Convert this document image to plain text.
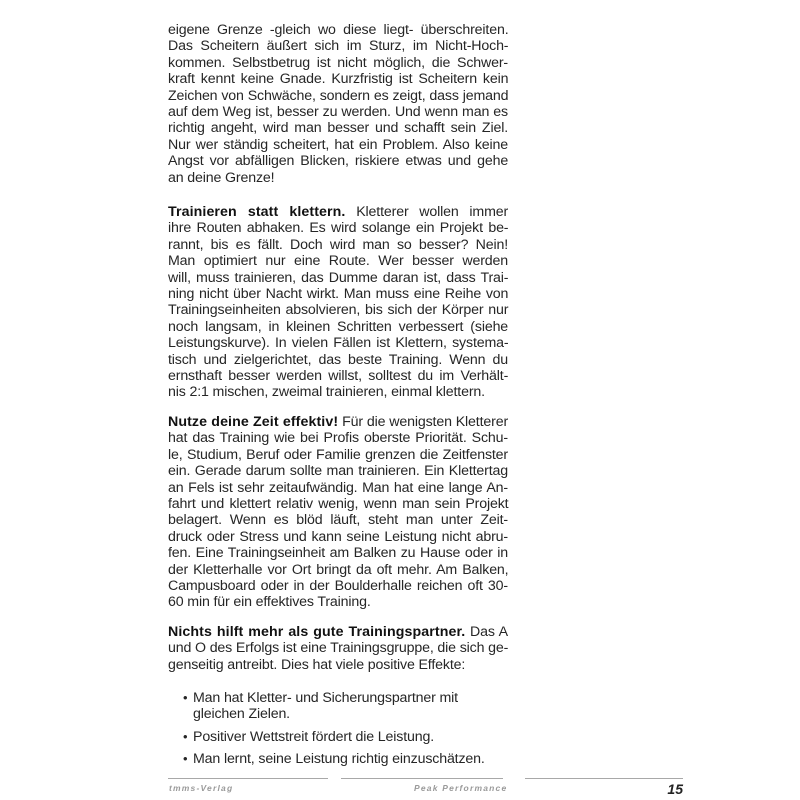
eigene Grenze -gleich wo diese liegt- überschreiten.
Das Scheitern äußert sich im Sturz, im Nicht-Hoch-
kommen. Selbstbetrug ist nicht möglich, die Schwer-
kraft kennt keine Gnade. Kurzfristig ist Scheitern kein
Zeichen von Schwäche, sondern es zeigt, dass jemand
auf dem Weg ist, besser zu werden. Und wenn man es
richtig angeht, wird man besser und schafft sein Ziel.
Nur wer ständig scheitert, hat ein Problem. Also keine
Angst vor abfälligen Blicken, riskiere etwas und gehe
an deine Grenze!
Trainieren statt klettern. Kletterer wollen immer
ihre Routen abhaken. Es wird solange ein Projekt be-
rannt, bis es fällt. Doch wird man so besser? Nein!
Man optimiert nur eine Route. Wer besser werden
will, muss trainieren, das Dumme daran ist, dass Trai-
ning nicht über Nacht wirkt. Man muss eine Reihe von
Trainingseinheiten absolvieren, bis sich der Körper nur
noch langsam, in kleinen Schritten verbessert (siehe
Leistungskurve). In vielen Fällen ist Klettern, systema-
tisch und zielgerichtet, das beste Training. Wenn du
ernsthaft besser werden willst, solltest du im Verhält-
nis 2:1 mischen, zweimal trainieren, einmal klettern.
Nutze deine Zeit effektiv! Für die wenigsten Kletterer
hat das Training wie bei Profis oberste Priorität. Schu-
le, Studium, Beruf oder Familie grenzen die Zeitfenster
ein. Gerade darum sollte man trainieren. Ein Klettertag
an Fels ist sehr zeitaufwändig. Man hat eine lange An-
fahrt und klettert relativ wenig, wenn man sein Projekt
belagert. Wenn es blöd läuft, steht man unter Zeit-
druck oder Stress und kann seine Leistung nicht abru-
fen. Eine Trainingseinheit am Balken zu Hause oder in
der Kletterhalle vor Ort bringt da oft mehr. Am Balken,
Campusboard oder in der Boulderhalle reichen oft 30-
60 min für ein effektives Training.
Nichts hilft mehr als gute Trainingspartner. Das A
und O des Erfolgs ist eine Trainingsgruppe, die sich ge-
genseitig antreibt. Dies hat viele positive Effekte:
• Man hat Kletter- und Sicherungspartner mit
gleichen Zielen.
• Positiver Wettstreit fördert die Leistung.
• Man lernt, seine Leistung richtig einzuschätzen.
tmms-Verlag	Peak Performance	15
